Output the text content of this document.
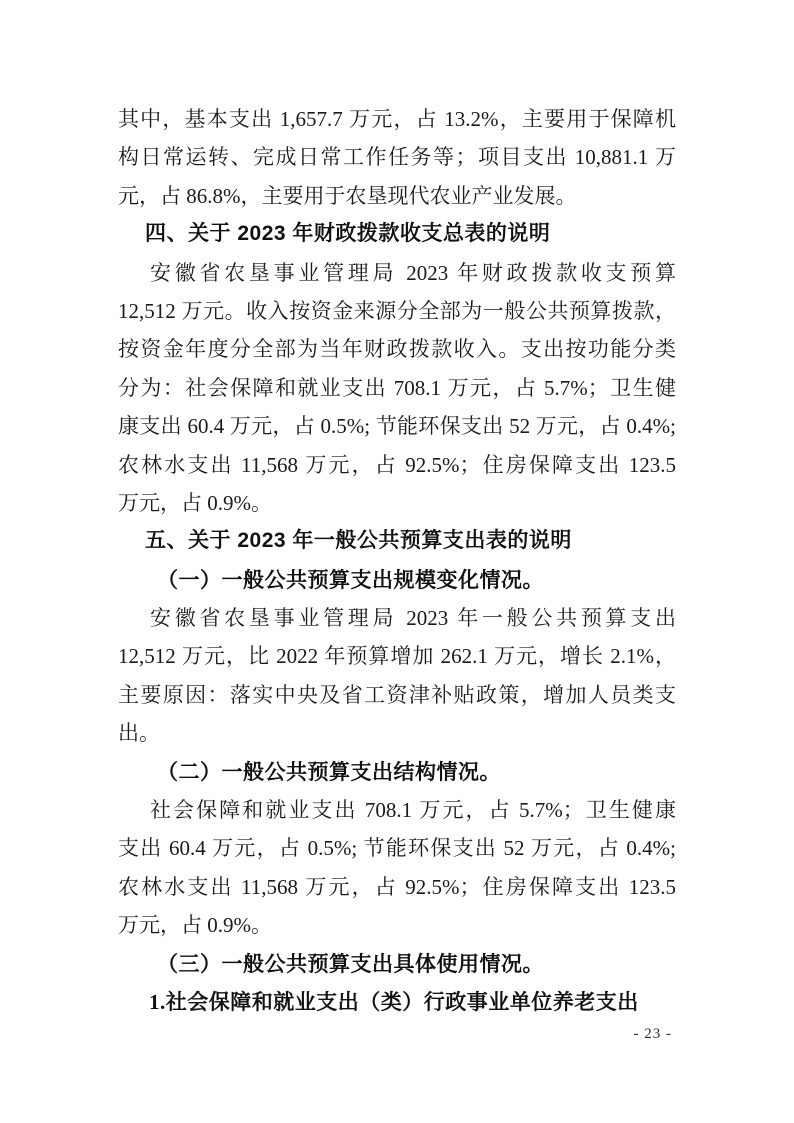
其中，基本支出 1,657.7 万元，占 13.2%，主要用于保障机
构日常运转、完成日常工作任务等；项目支出 10,881.1 万
元，占 86.8%，主要用于农垦现代农业产业发展。
四、关于 2023 年财政拨款收支总表的说明
安徽省农垦事业管理局 2023 年财政拨款收支预算
12,512 万元。收入按资金来源分全部为一般公共预算拨款，
按资金年度分全部为当年财政拨款收入。支出按功能分类
分为：社会保障和就业支出 708.1 万元，占 5.7%；卫生健
康支出 60.4 万元，占 0.5%; 节能环保支出 52 万元，占 0.4%;
农林水支出 11,568 万元，占 92.5%；住房保障支出 123.5
万元，占 0.9%。
五、关于 2023 年一般公共预算支出表的说明
（一）一般公共预算支出规模变化情况。
安徽省农垦事业管理局 2023 年一般公共预算支出
12,512 万元，比 2022 年预算增加 262.1 万元，增长 2.1%，
主要原因：落实中央及省工资津补贴政策，增加人员类支
出。
（二）一般公共预算支出结构情况。
社会保障和就业支出 708.1 万元，占 5.7%；卫生健康
支出 60.4 万元，占 0.5%; 节能环保支出 52 万元，占 0.4%;
农林水支出 11,568 万元，占 92.5%；住房保障支出 123.5
万元，占 0.9%。
（三）一般公共预算支出具体使用情况。
1.社会保障和就业支出（类）行政事业单位养老支出
- 23 -
